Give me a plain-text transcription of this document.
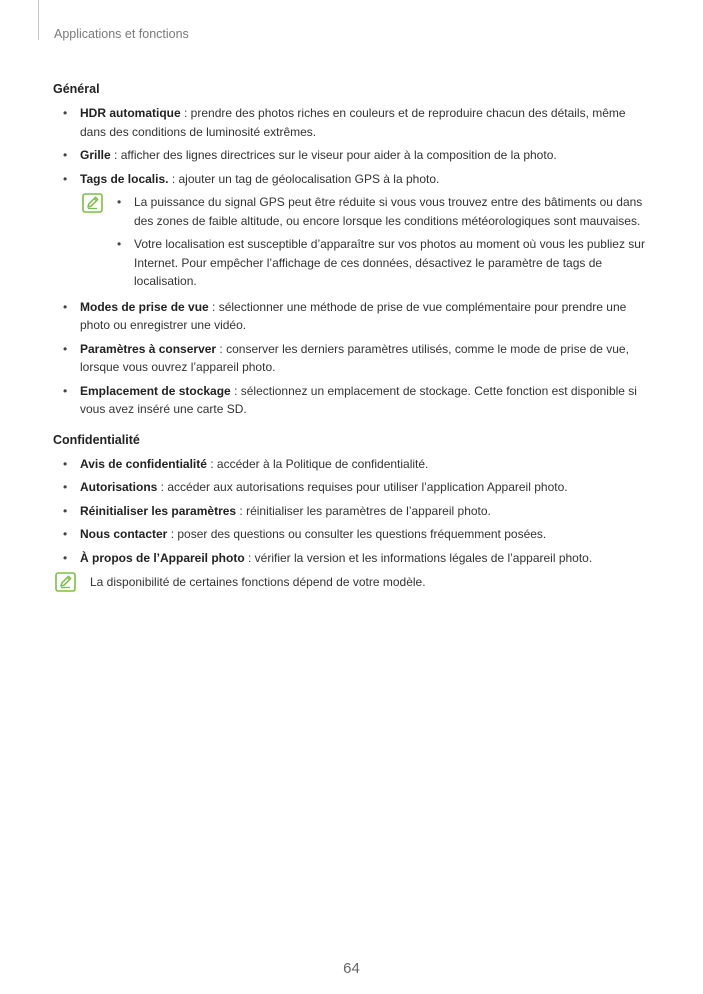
Applications et fonctions
Général
• HDR automatique : prendre des photos riches en couleurs et de reproduire chacun des détails, même dans des conditions de luminosité extrêmes.
• Grille : afficher des lignes directrices sur le viseur pour aider à la composition de la photo.
• Tags de localis. : ajouter un tag de géolocalisation GPS à la photo.
• La puissance du signal GPS peut être réduite si vous vous trouvez entre des bâtiments ou dans des zones de faible altitude, ou encore lorsque les conditions météorologiques sont mauvaises.
• Votre localisation est susceptible d’apparaître sur vos photos au moment où vous les publiez sur Internet. Pour empêcher l’affichage de ces données, désactivez le paramètre de tags de localisation.
• Modes de prise de vue : sélectionner une méthode de prise de vue complémentaire pour prendre une photo ou enregistrer une vidéo.
• Paramètres à conserver : conserver les derniers paramètres utilisés, comme le mode de prise de vue, lorsque vous ouvrez l’appareil photo.
• Emplacement de stockage : sélectionnez un emplacement de stockage. Cette fonction est disponible si vous avez inséré une carte SD.
Confidentialité
• Avis de confidentialité : accéder à la Politique de confidentialité.
• Autorisations : accéder aux autorisations requises pour utiliser l’application Appareil photo.
• Réinitialiser les paramètres : réinitialiser les paramètres de l’appareil photo.
• Nous contacter : poser des questions ou consulter les questions fréquemment posées.
• À propos de l’Appareil photo : vérifier la version et les informations légales de l’appareil photo.
La disponibilité de certaines fonctions dépend de votre modèle.
64
